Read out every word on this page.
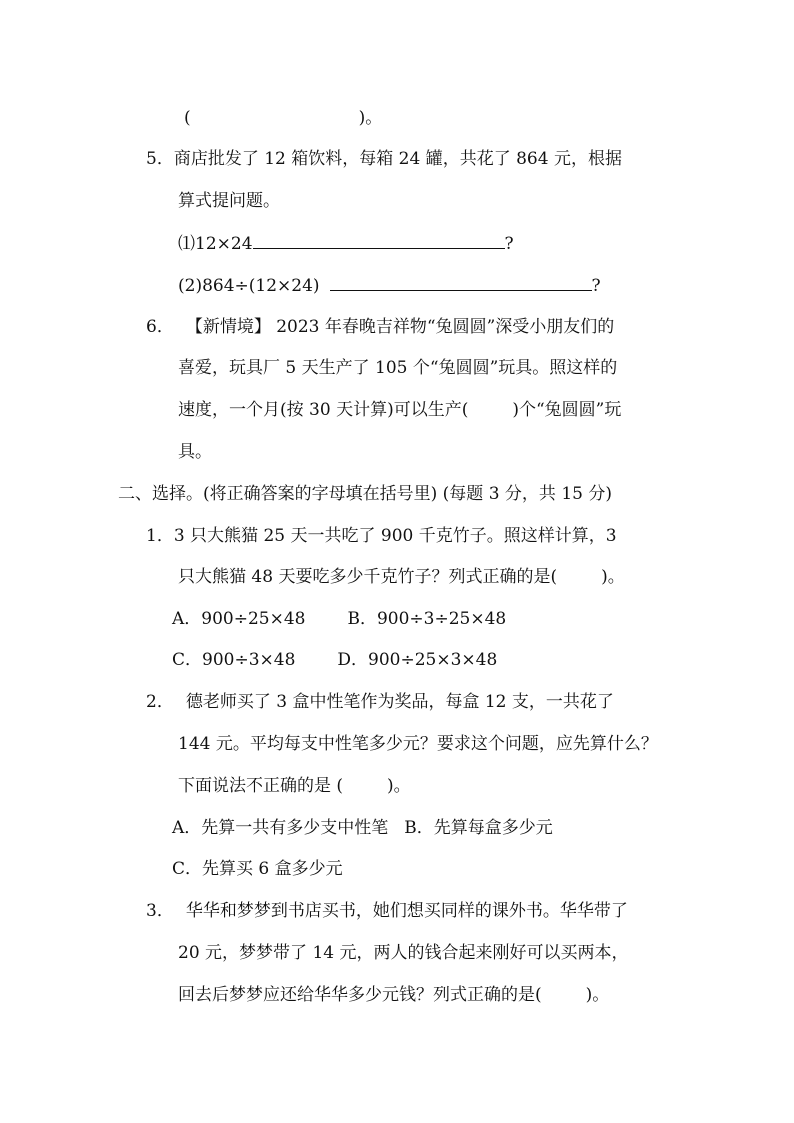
(	)。
5．商店批发了 12 箱饮料，每箱 24 罐，共花了 864 元，根据
算式提问题。
⑴12×24	?
(2)864÷(12×24)	?
6． 【新情境】 2023 年春晚吉祥物“兔圆圆”深受小朋友们的
喜爱，玩具厂 5 天生产了 105 个“兔圆圆”玩具。照这样的
速度，一个月(按 30 天计算)可以生产(	)个“兔圆圆”玩
具。
二、选择。(将正确答案的字母填在括号里) (每题 3 分，共 15 分)
1．3 只大熊猫 25 天一共吃了 900 千克竹子。照这样计算，3
只大熊猫 48 天要吃多少千克竹子？列式正确的是(	)。
A．900÷25×48 B．900÷3÷25×48
C．900÷3×48 D．900÷25×3×48
2． 德老师买了 3 盒中性笔作为奖品，每盒 12 支，一共花了
144 元。平均每支中性笔多少元？要求这个问题，应先算什么？
下面说法不正确的是 (	)。
A．先算一共有多少支中性笔 B．先算每盒多少元
C．先算买 6 盒多少元
3． 华华和梦梦到书店买书，她们想买同样的课外书。华华带了
20 元，梦梦带了 14 元，两人的钱合起来刚好可以买两本，
回去后梦梦应还给华华多少元钱？列式正确的是(	)。
